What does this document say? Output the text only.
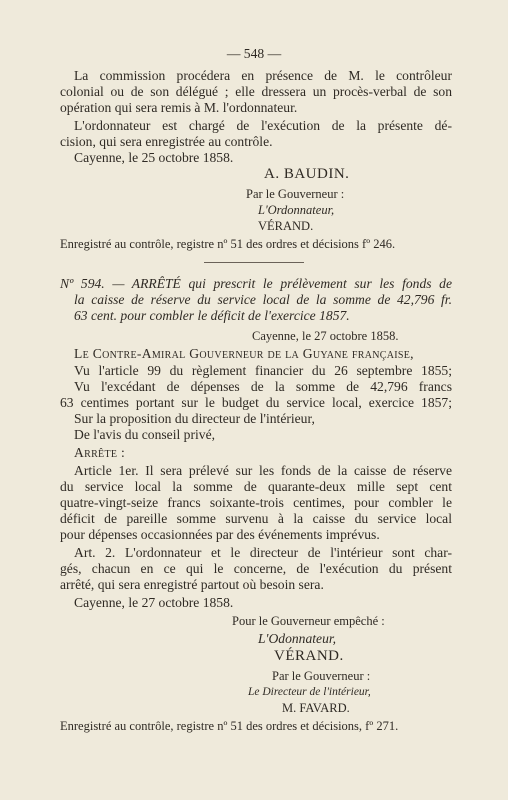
— 548 —
La commission procédera en présence de M. le contrôleur
colonial ou de son délégué ; elle dressera un procès-verbal de son
opération qui sera remis à M. l'ordonnateur.
L'ordonnateur est chargé de l'exécution de la présente dé-
cision, qui sera enregistrée au contrôle.
Cayenne, le 25 octobre 1858.
A. BAUDIN.
Par le Gouverneur :
L'Ordonnateur,
VÉRAND.
Enregistré au contrôle, registre nº 51 des ordres et décisions fº 246.
Nº 594. — ARRÊTÉ qui prescrit le prélèvement sur les fonds de
la caisse de réserve du service local de la somme de 42,796 fr.
63 cent. pour combler le déficit de l'exercice 1857.
Cayenne, le 27 octobre 1858.
Le Contre-Amiral Gouverneur de la Guyane française,
Vu l'article 99 du règlement financier du 26 septembre 1855;
Vu l'excédant de dépenses de la somme de 42,796 francs
63 centimes portant sur le budget du service local, exercice 1857;
Sur la proposition du directeur de l'intérieur,
De l'avis du conseil privé,
Arrête :
Article 1er. Il sera prélevé sur les fonds de la caisse de réserve
du service local la somme de quarante-deux mille sept cent
quatre-vingt-seize francs soixante-trois centimes, pour combler le
déficit de pareille somme survenu à la caisse du service local
pour dépenses occasionnées par des événements imprévus.
Art. 2. L'ordonnateur et le directeur de l'intérieur sont char-
gés, chacun en ce qui le concerne, de l'exécution du présent
arrêté, qui sera enregistré partout où besoin sera.
Cayenne, le 27 octobre 1858.
Pour le Gouverneur empêché :
L'Odonnateur,
VÉRAND.
Par le Gouverneur :
Le Directeur de l'intérieur,
M. FAVARD.
Enregistré au contrôle, registre nº 51 des ordres et décisions, fº 271.
